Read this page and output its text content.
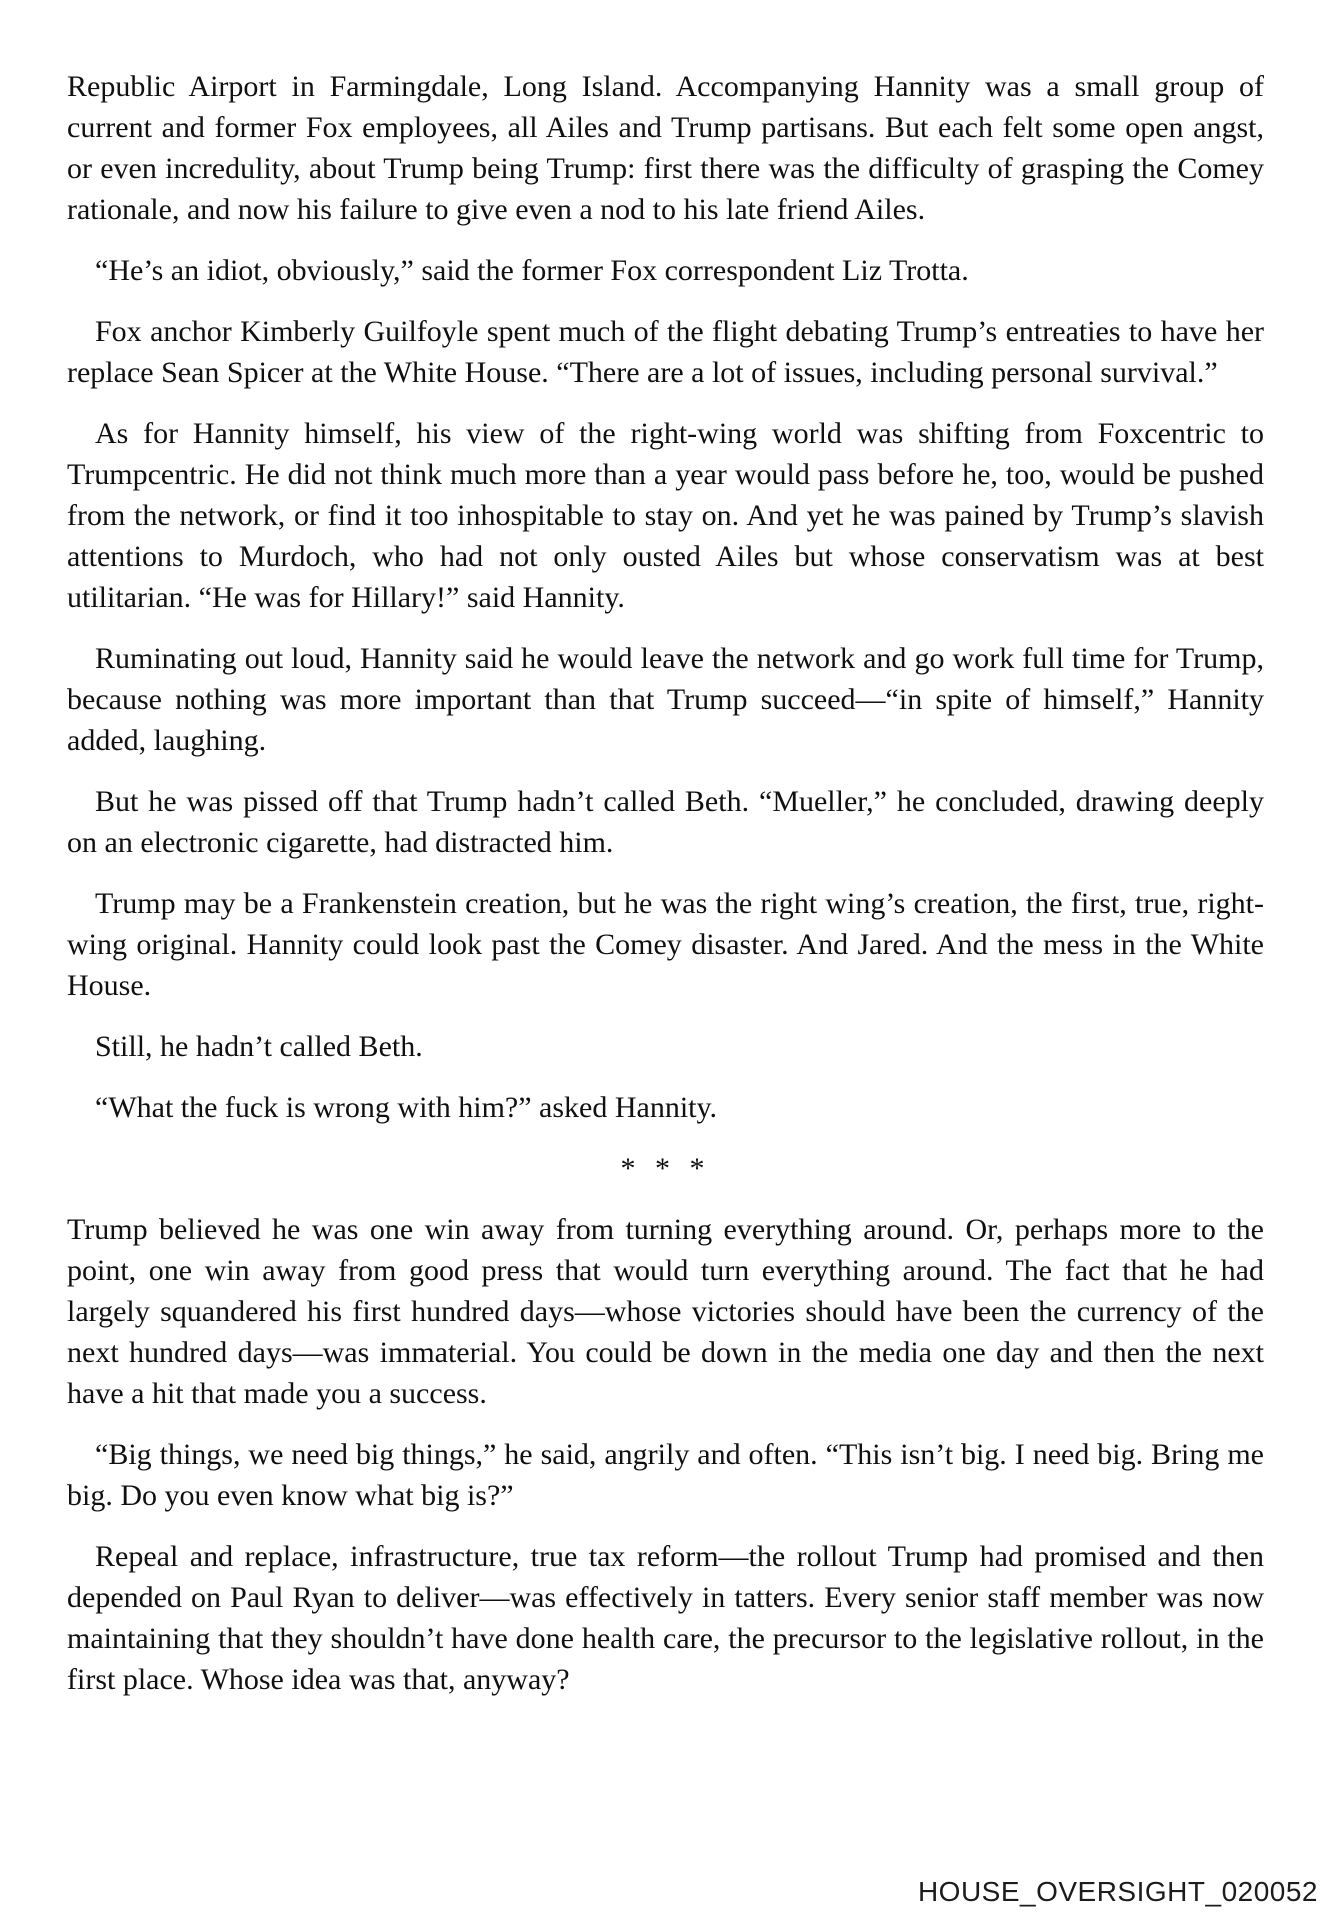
Republic Airport in Farmingdale, Long Island. Accompanying Hannity was a small group of current and former Fox employees, all Ailes and Trump partisans. But each felt some open angst, or even incredulity, about Trump being Trump: first there was the difficulty of grasping the Comey rationale, and now his failure to give even a nod to his late friend Ailes.

“He’s an idiot, obviously,” said the former Fox correspondent Liz Trotta.

Fox anchor Kimberly Guilfoyle spent much of the flight debating Trump’s entreaties to have her replace Sean Spicer at the White House. “There are a lot of issues, including personal survival.”

As for Hannity himself, his view of the right-wing world was shifting from Foxcentric to Trumpcentric. He did not think much more than a year would pass before he, too, would be pushed from the network, or find it too inhospitable to stay on. And yet he was pained by Trump’s slavish attentions to Murdoch, who had not only ousted Ailes but whose conservatism was at best utilitarian. “He was for Hillary!” said Hannity.

Ruminating out loud, Hannity said he would leave the network and go work full time for Trump, because nothing was more important than that Trump succeed—“in spite of himself,” Hannity added, laughing.

But he was pissed off that Trump hadn’t called Beth. “Mueller,” he concluded, drawing deeply on an electronic cigarette, had distracted him.

Trump may be a Frankenstein creation, but he was the right wing’s creation, the first, true, right-wing original. Hannity could look past the Comey disaster. And Jared. And the mess in the White House.

Still, he hadn’t called Beth.

“What the fuck is wrong with him?” asked Hannity.

* * *

Trump believed he was one win away from turning everything around. Or, perhaps more to the point, one win away from good press that would turn everything around. The fact that he had largely squandered his first hundred days—whose victories should have been the currency of the next hundred days—was immaterial. You could be down in the media one day and then the next have a hit that made you a success.

“Big things, we need big things,” he said, angrily and often. “This isn’t big. I need big. Bring me big. Do you even know what big is?”

Repeal and replace, infrastructure, true tax reform—the rollout Trump had promised and then depended on Paul Ryan to deliver—was effectively in tatters. Every senior staff member was now maintaining that they shouldn’t have done health care, the precursor to the legislative rollout, in the first place. Whose idea was that, anyway?

HOUSE_OVERSIGHT_020052
